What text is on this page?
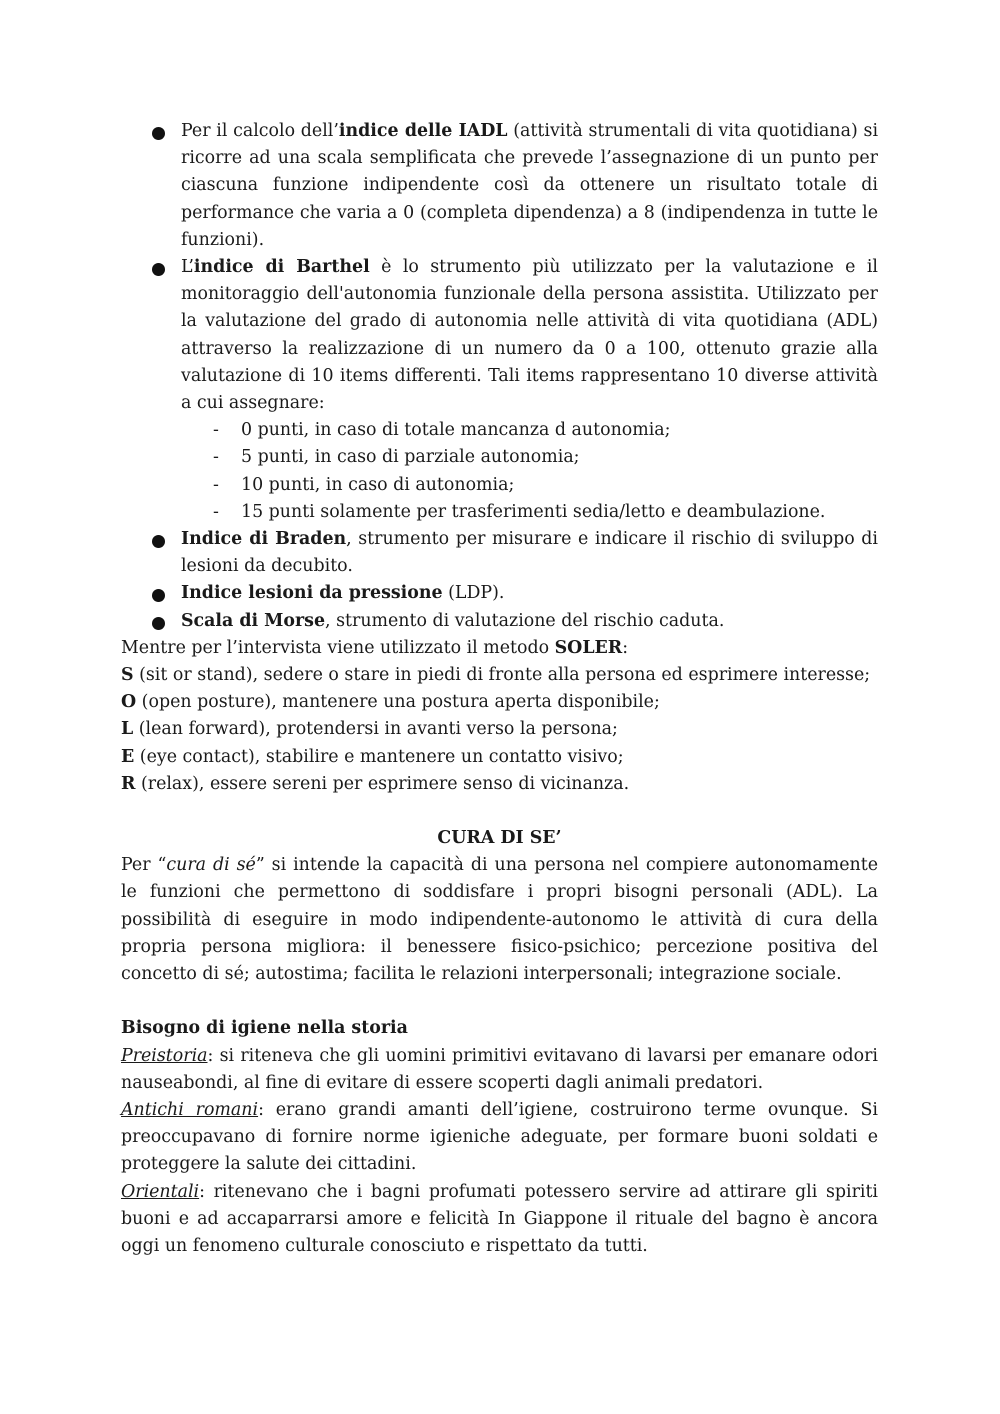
Per il calcolo dell’indice delle IADL (attività strumentali di vita quotidiana) si ricorre ad una scala semplificata che prevede l’assegnazione di un punto per ciascuna funzione indipendente così da ottenere un risultato totale di performance che varia a 0 (completa dipendenza) a 8 (indipendenza in tutte le funzioni).
L’indice di Barthel è lo strumento più utilizzato per la valutazione e il monitoraggio dell'autonomia funzionale della persona assistita. Utilizzato per la valutazione del grado di autonomia nelle attività di vita quotidiana (ADL) attraverso la realizzazione di un numero da 0 a 100, ottenuto grazie alla valutazione di 10 items differenti. Tali items rappresentano 10 diverse attività a cui assegnare:
- 0 punti, in caso di totale mancanza d autonomia;
- 5 punti, in caso di parziale autonomia;
- 10 punti, in caso di autonomia;
- 15 punti solamente per trasferimenti sedia/letto e deambulazione.
Indice di Braden, strumento per misurare e indicare il rischio di sviluppo di lesioni da decubito.
Indice lesioni da pressione (LDP).
Scala di Morse, strumento di valutazione del rischio caduta.

Mentre per l’intervista viene utilizzato il metodo SOLER:

S (sit or stand), sedere o stare in piedi di fronte alla persona ed esprimere interesse;

O (open posture), mantenere una postura aperta disponibile;

L (lean forward), protendersi in avanti verso la persona;

E (eye contact), stabilire e mantenere un contatto visivo;

R (relax), essere sereni per esprimere senso di vicinanza.

CURA DI SE’

Per “cura di sé” si intende la capacità di una persona nel compiere autonomamente le funzioni che permettono di soddisfare i propri bisogni personali (ADL). La possibilità di eseguire in modo indipendente-autonomo le attività di cura della propria persona migliora: il benessere fisico-psichico; percezione positiva del concetto di sé; autostima; facilita le relazioni interpersonali; integrazione sociale.

Bisogno di igiene nella storia

Preistoria: si riteneva che gli uomini primitivi evitavano di lavarsi per emanare odori nauseabondi, al fine di evitare di essere scoperti dagli animali predatori.

Antichi romani: erano grandi amanti dell’igiene, costruirono terme ovunque. Si preoccupavano di fornire norme igieniche adeguate, per formare buoni soldati e proteggere la salute dei cittadini.

Orientali: ritenevano che i bagni profumati potessero servire ad attirare gli spiriti buoni e ad accaparrarsi amore e felicità In Giappone il rituale del bagno è ancora oggi un fenomeno culturale conosciuto e rispettato da tutti.
